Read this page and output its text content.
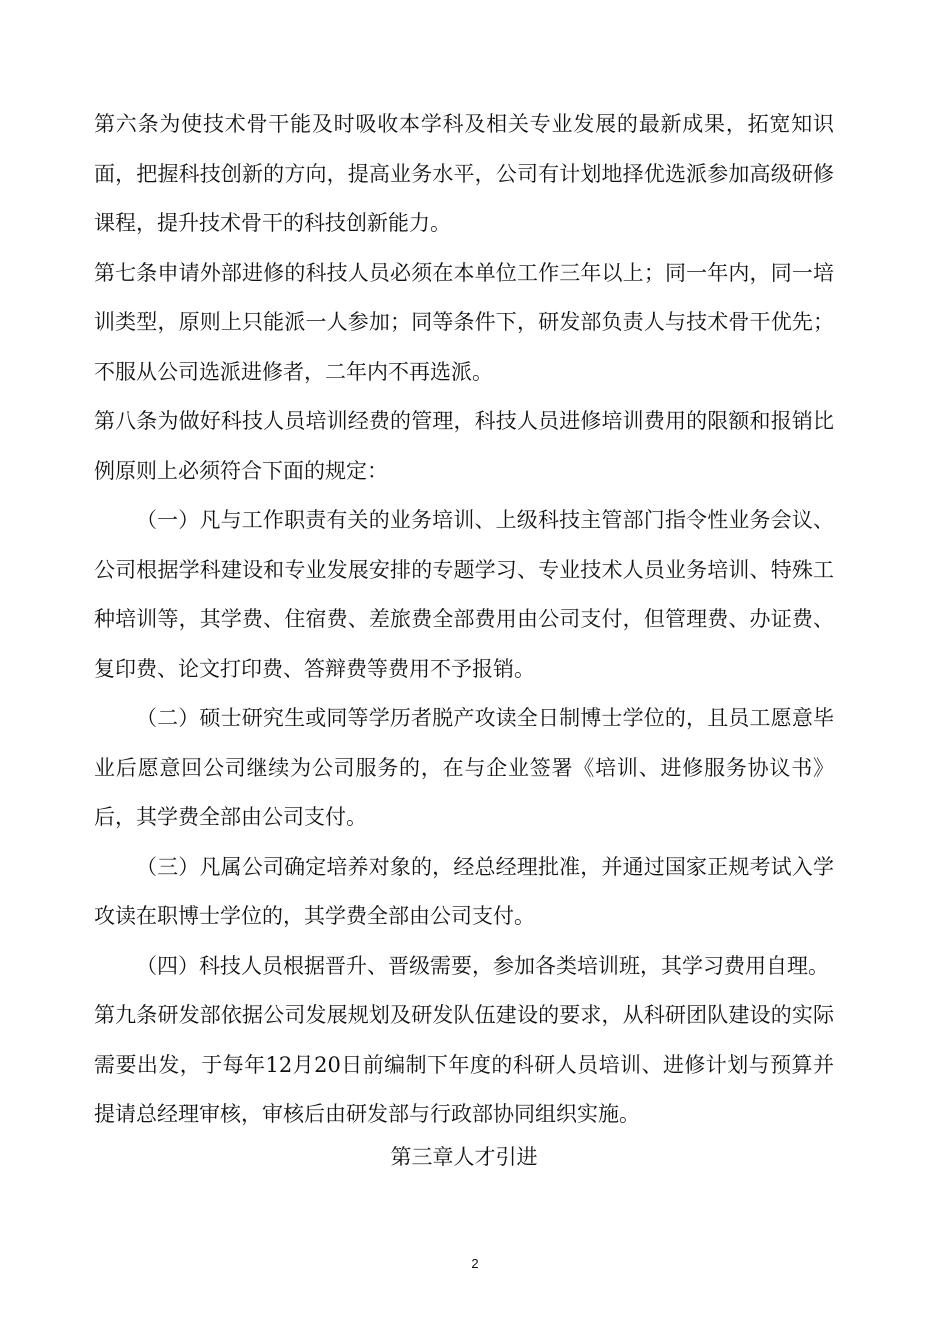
第六条为使技术骨干能及时吸收本学科及相关专业发展的最新成果，拓宽知识面，把握科技创新的方向，提高业务水平，公司有计划地择优选派参加高级研修课程，提升技术骨干的科技创新能力。

第七条申请外部进修的科技人员必须在本单位工作三年以上；同一年内，同一培训类型，原则上只能派一人参加；同等条件下，研发部负责人与技术骨干优先；不服从公司选派进修者，二年内不再选派。

第八条为做好科技人员培训经费的管理，科技人员进修培训费用的限额和报销比例原则上必须符合下面的规定：

（一）凡与工作职责有关的业务培训、上级科技主管部门指令性业务会议、公司根据学科建设和专业发展安排的专题学习、专业技术人员业务培训、特殊工种培训等，其学费、住宿费、差旅费全部费用由公司支付，但管理费、办证费、复印费、论文打印费、答辩费等费用不予报销。

（二）硕士研究生或同等学历者脱产攻读全日制博士学位的，且员工愿意毕业后愿意回公司继续为公司服务的，在与企业签署《培训、进修服务协议书》后，其学费全部由公司支付。

（三）凡属公司确定培养对象的，经总经理批准，并通过国家正规考试入学攻读在职博士学位的，其学费全部由公司支付。

（四）科技人员根据晋升、晋级需要，参加各类培训班，其学习费用自理。

第九条研发部依据公司发展规划及研发队伍建设的要求，从科研团队建设的实际需要出发，于每年12月20日前编制下年度的科研人员培训、进修计划与预算并提请总经理审核，审核后由研发部与行政部协同组织实施。

第三章人才引进

2
